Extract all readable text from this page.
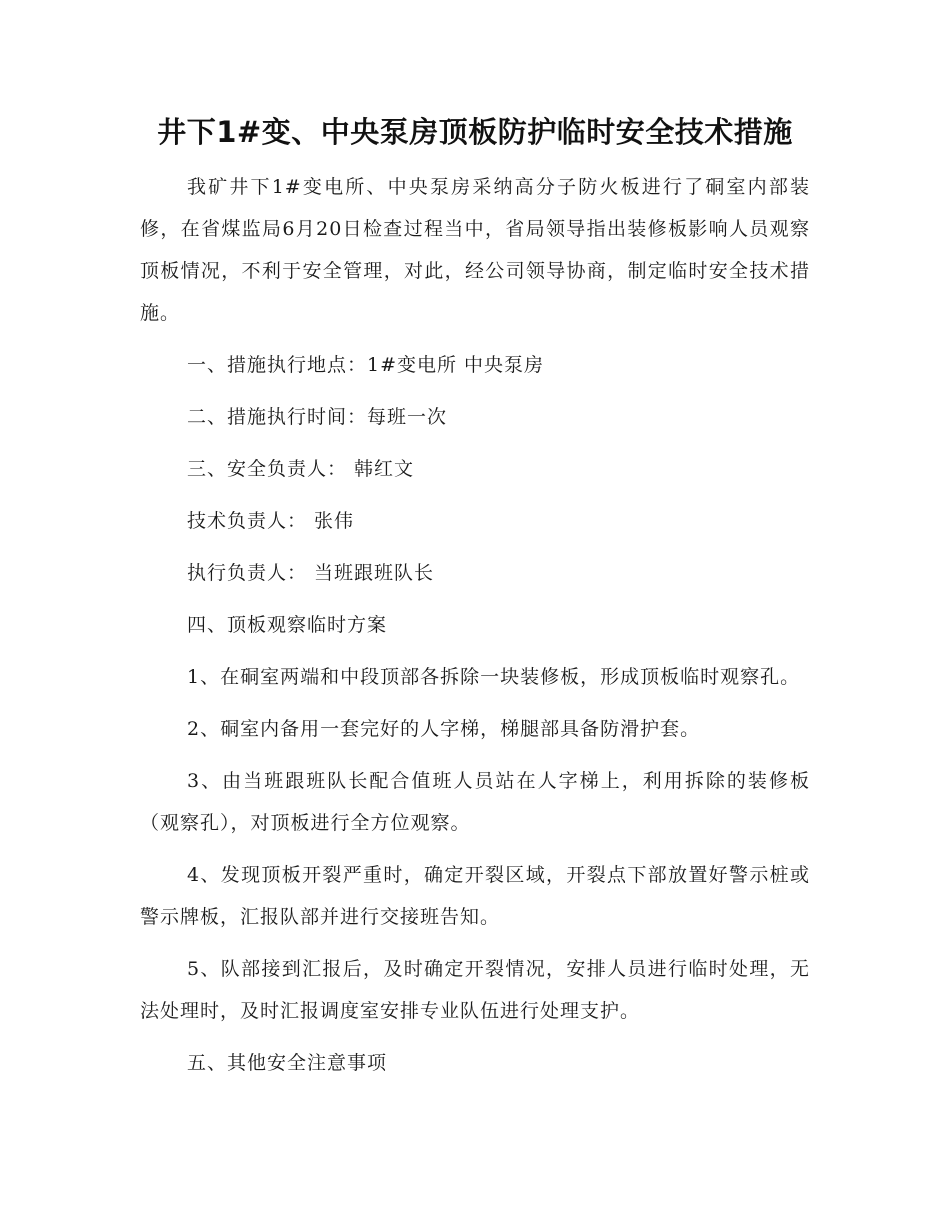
井下1#变、中央泵房顶板防护临时安全技术措施

我矿井下1#变电所、中央泵房采纳高分子防火板进行了硐室内部装修，在省煤监局6月20日检查过程当中，省局领导指出装修板影响人员观察顶板情况，不利于安全管理，对此，经公司领导协商，制定临时安全技术措施。

一、措施执行地点：1#变电所 中央泵房

二、措施执行时间：每班一次

三、安全负责人： 韩红文

技术负责人： 张伟

执行负责人： 当班跟班队长

四、顶板观察临时方案

1、在硐室两端和中段顶部各拆除一块装修板，形成顶板临时观察孔。

2、硐室内备用一套完好的人字梯，梯腿部具备防滑护套。

3、由当班跟班队长配合值班人员站在人字梯上，利用拆除的装修板（观察孔），对顶板进行全方位观察。

4、发现顶板开裂严重时，确定开裂区域，开裂点下部放置好警示桩或警示牌板，汇报队部并进行交接班告知。

5、队部接到汇报后，及时确定开裂情况，安排人员进行临时处理，无法处理时，及时汇报调度室安排专业队伍进行处理支护。

五、其他安全注意事项
